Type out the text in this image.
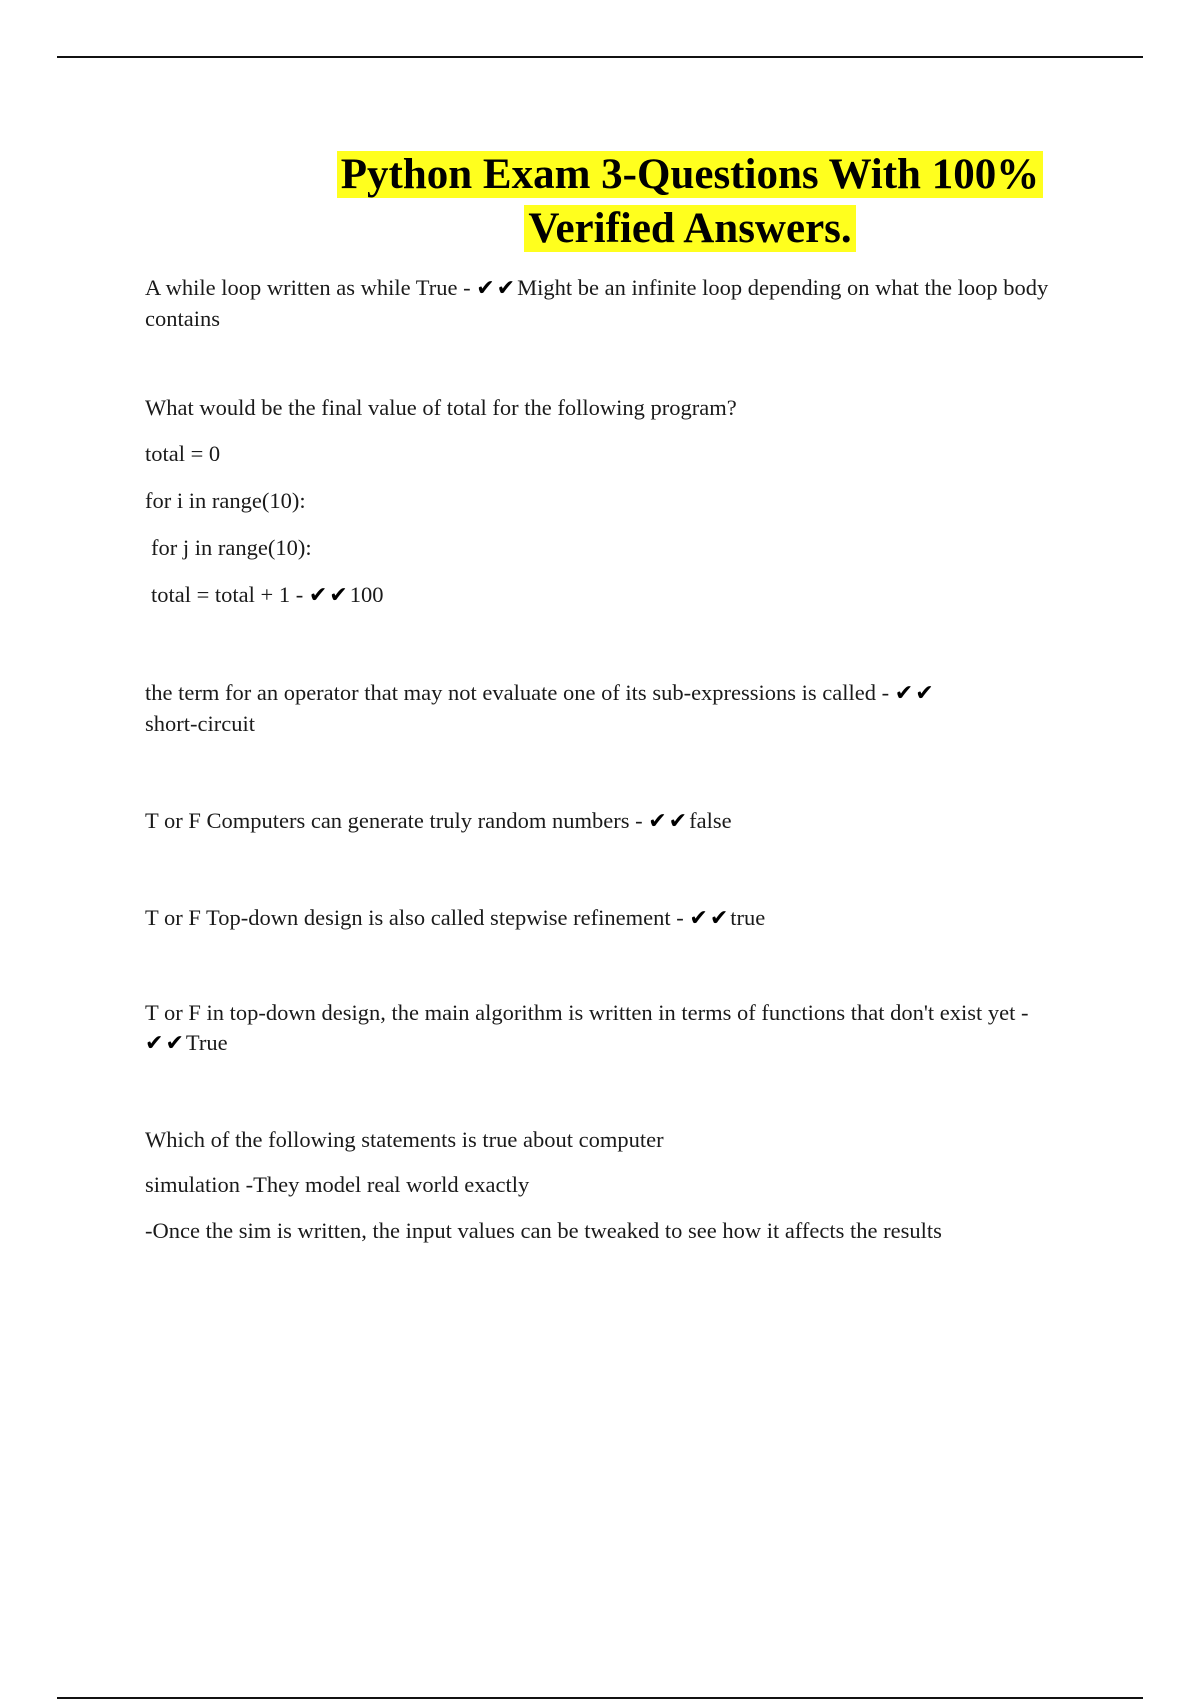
Python Exam 3-Questions With 100%
Verified Answers.

A while loop written as while True - ✔✔Might be an infinite loop depending on what the loop body contains

What would be the final value of total for the following program?

total = 0

for i in range(10):

for j in range(10):

total = total + 1 - ✔✔100

the term for an operator that may not evaluate one of its sub-expressions is called - ✔✔short-circuit

T or F Computers can generate truly random numbers - ✔✔false

T or F Top-down design is also called stepwise refinement - ✔✔true

T or F in top-down design, the main algorithm is written in terms of functions that don't exist yet - ✔✔True

Which of the following statements is true about computer

simulation -They model real world exactly

-Once the sim is written, the input values can be tweaked to see how it affects the results
